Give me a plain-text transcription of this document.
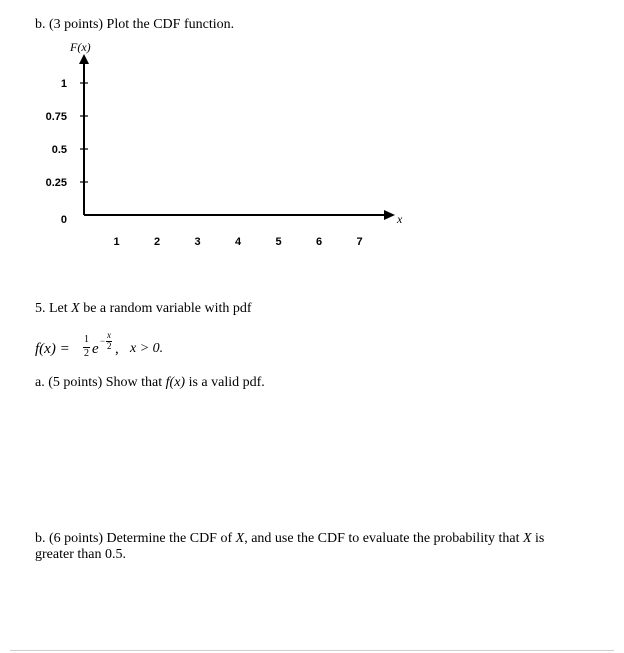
b. (3 points) Plot the CDF function.
0
0.25
0.5
0.75
1
1	2	3	4	5	6	7
F(x)
x
5. Let X be a random variable with pdf
f(x) =
1
2 e −
x
2 , x > 0.
a. (5 points) Show that f(x) is a valid pdf.
b. (6 points) Determine the CDF of X, and use the CDF to evaluate the probability that X is
greater than 0.5.
